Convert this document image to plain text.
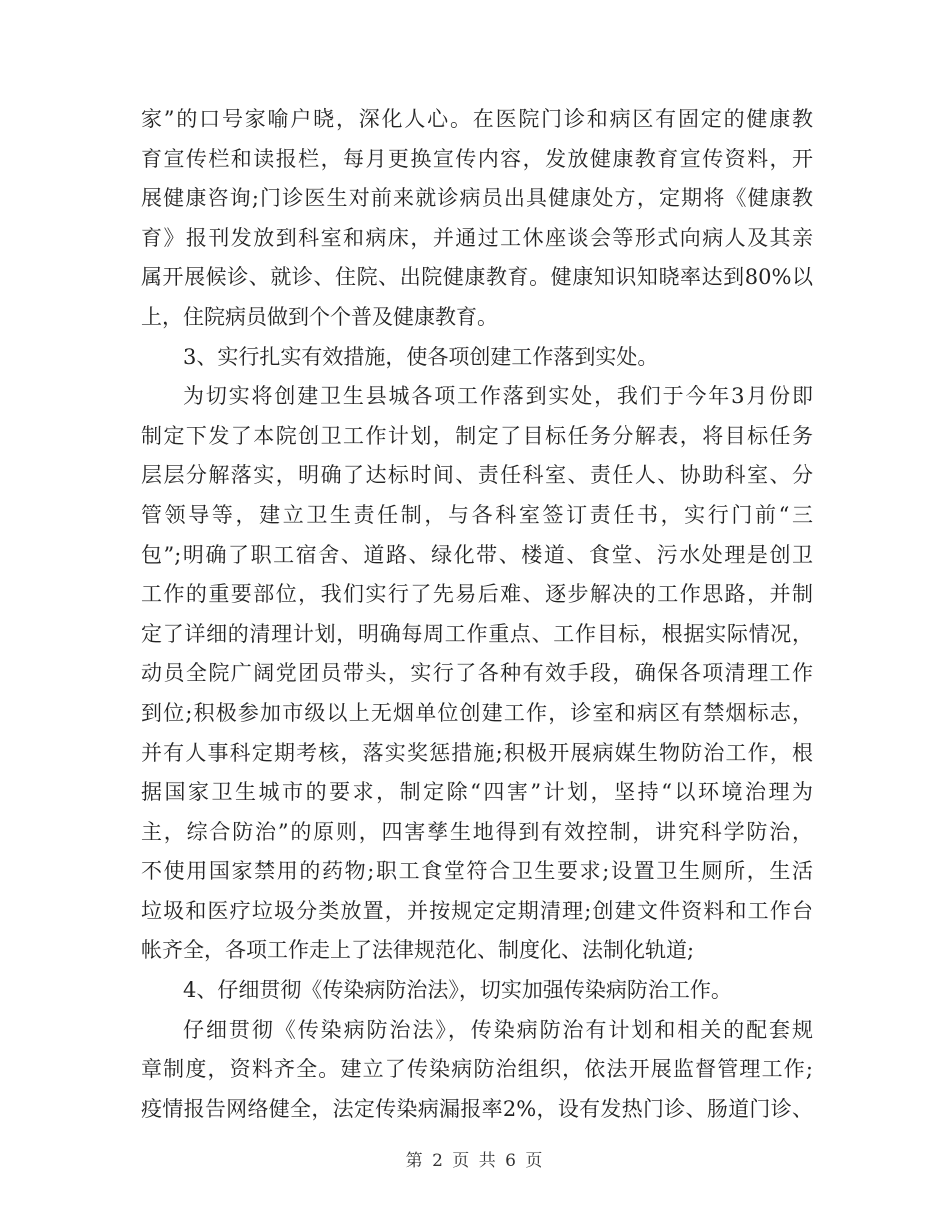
家”的口号家喻户晓，深化人心。在医院门诊和病区有固定的健康教
育宣传栏和读报栏，每月更换宣传内容，发放健康教育宣传资料，开
展健康咨询;门诊医生对前来就诊病员出具健康处方，定期将《健康教
育》报刊发放到科室和病床，并通过工休座谈会等形式向病人及其亲
属开展候诊、就诊、住院、出院健康教育。健康知识知晓率达到80%以
上，住院病员做到个个普及健康教育。
3、实行扎实有效措施，使各项创建工作落到实处。
为切实将创建卫生县城各项工作落到实处，我们于今年3月份即
制定下发了本院创卫工作计划，制定了目标任务分解表，将目标任务
层层分解落实，明确了达标时间、责任科室、责任人、协助科室、分
管领导等，建立卫生责任制，与各科室签订责任书，实行门前“三
包”;明确了职工宿舍、道路、绿化带、楼道、食堂、污水处理是创卫
工作的重要部位，我们实行了先易后难、逐步解决的工作思路，并制
定了详细的清理计划，明确每周工作重点、工作目标，根据实际情况，
动员全院广阔党团员带头，实行了各种有效手段，确保各项清理工作
到位;积极参加市级以上无烟单位创建工作，诊室和病区有禁烟标志，
并有人事科定期考核，落实奖惩措施;积极开展病媒生物防治工作，根
据国家卫生城市的要求，制定除“四害”计划，坚持“以环境治理为
主，综合防治”的原则，四害孳生地得到有效控制，讲究科学防治，
不使用国家禁用的药物;职工食堂符合卫生要求;设置卫生厕所，生活
垃圾和医疗垃圾分类放置，并按规定定期清理;创建文件资料和工作台
帐齐全，各项工作走上了法律规范化、制度化、法制化轨道;
4、仔细贯彻《传染病防治法》，切实加强传染病防治工作。
仔细贯彻《传染病防治法》，传染病防治有计划和相关的配套规
章制度，资料齐全。建立了传染病防治组织，依法开展监督管理工作;
疫情报告网络健全，法定传染病漏报率2%，设有发热门诊、肠道门诊、
第 2 页 共 6 页
